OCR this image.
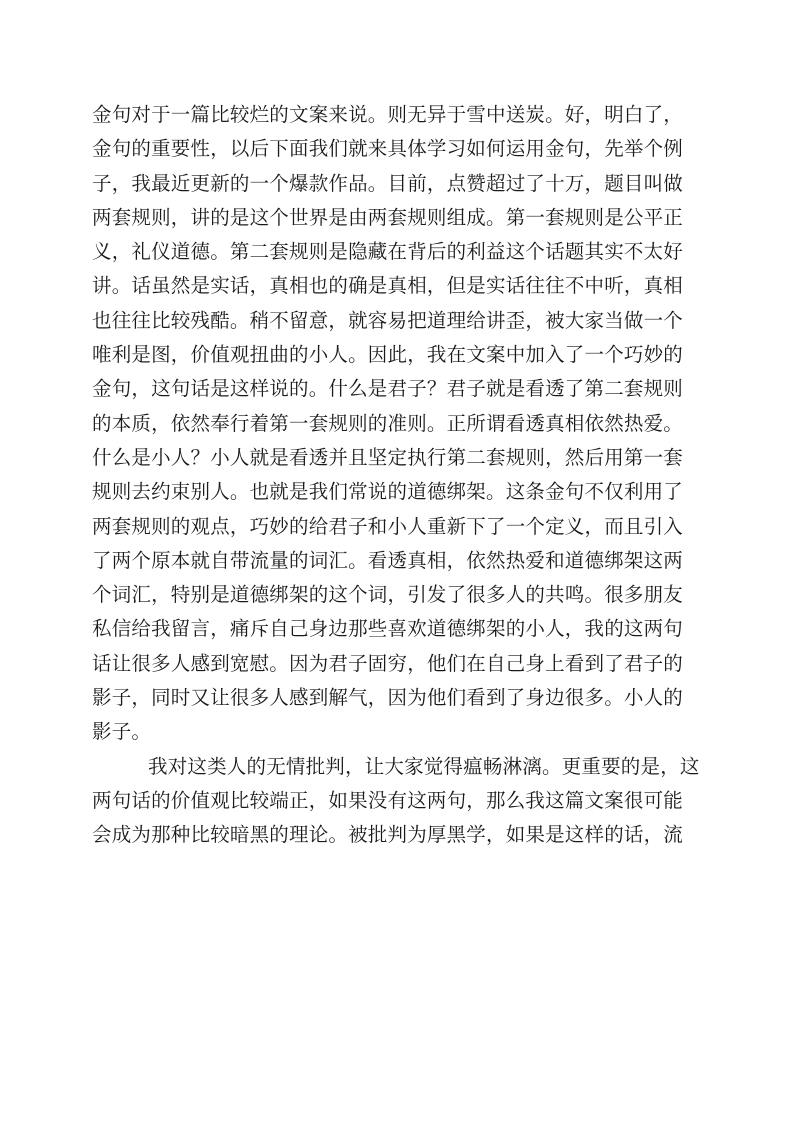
金句对于一篇比较烂的文案来说。则无异于雪中送炭。好，明白了，
金句的重要性，以后下面我们就来具体学习如何运用金句，先举个例
子，我最近更新的一个爆款作品。目前，点赞超过了十万，题目叫做
两套规则，讲的是这个世界是由两套规则组成。第一套规则是公平正
义，礼仪道德。第二套规则是隐藏在背后的利益这个话题其实不太好
讲。话虽然是实话，真相也的确是真相，但是实话往往不中听，真相
也往往比较残酷。稍不留意，就容易把道理给讲歪，被大家当做一个
唯利是图，价值观扭曲的小人。因此，我在文案中加入了一个巧妙的
金句，这句话是这样说的。什么是君子？君子就是看透了第二套规则
的本质，依然奉行着第一套规则的准则。正所谓看透真相依然热爱。
什么是小人？小人就是看透并且坚定执行第二套规则，然后用第一套
规则去约束别人。也就是我们常说的道德绑架。这条金句不仅利用了
两套规则的观点，巧妙的给君子和小人重新下了一个定义，而且引入
了两个原本就自带流量的词汇。看透真相，依然热爱和道德绑架这两
个词汇，特别是道德绑架的这个词，引发了很多人的共鸣。很多朋友
私信给我留言，痛斥自己身边那些喜欢道德绑架的小人，我的这两句
话让很多人感到宽慰。因为君子固穷，他们在自己身上看到了君子的
影子，同时又让很多人感到解气，因为他们看到了身边很多。小人的
影子。
我对这类人的无情批判，让大家觉得瘟畅淋漓。更重要的是，这
两句话的价值观比较端正，如果没有这两句，那么我这篇文案很可能
会成为那种比较暗黑的理论。被批判为厚黑学，如果是这样的话，流
